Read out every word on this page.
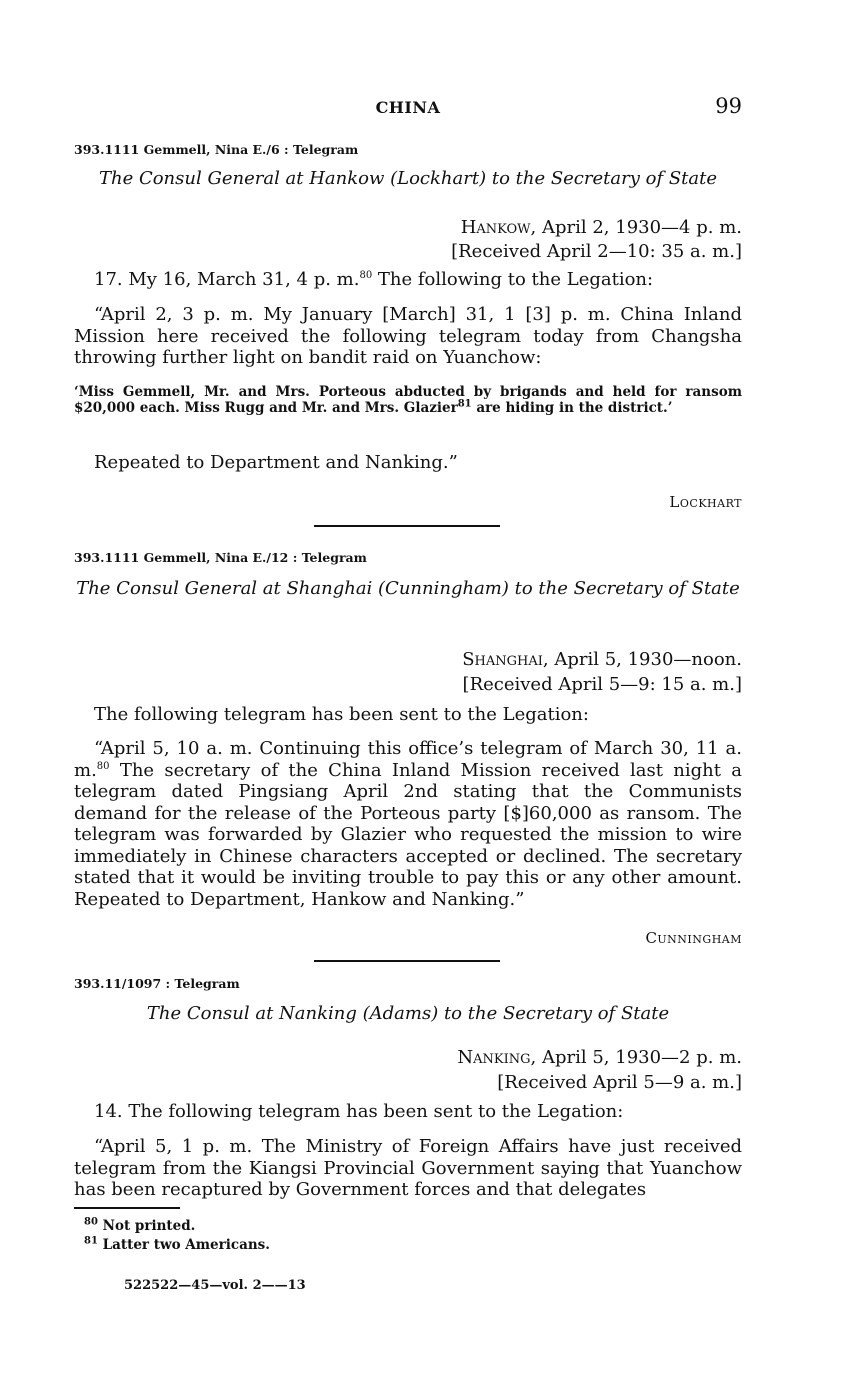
CHINA	99
393.1111 Gemmell, Nina E./6 : Telegram
The Consul General at Hankow (Lockhart) to the Secretary of State
Hankow, April 2, 1930—4 p. m.
[Received April 2—10: 35 a. m.]
17. My 16, March 31, 4 p. m.$^{80}$ The following to the Legation:
“April 2, 3 p. m. My January [March] 31, 1 [3] p. m. China Inland Mission here received the following telegram today from Changsha throwing further light on bandit raid on Yuanchow:
‘Miss Gemmell, Mr. and Mrs. Porteous abducted by brigands and held for ransom $20,000 each. Miss Rugg and Mr. and Mrs. Glazier$^{81}$ are hiding in the district.’
Repeated to Department and Nanking.”
Lockhart
393.1111 Gemmell, Nina E./12 : Telegram
The Consul General at Shanghai (Cunningham) to the Secretary of State
Shanghai, April 5, 1930—noon.
[Received April 5—9: 15 a. m.]
The following telegram has been sent to the Legation:
“April 5, 10 a. m. Continuing this office’s telegram of March 30, 11 a. m.$^{80}$ The secretary of the China Inland Mission received last night a telegram dated Pingsiang April 2nd stating that the Communists demand for the release of the Porteous party [$]60,000 as ransom. The telegram was forwarded by Glazier who requested the mission to wire immediately in Chinese characters accepted or declined. The secretary stated that it would be inviting trouble to pay this or any other amount. Repeated to Department, Hankow and Nanking.”
Cunningham
393.11/1097 : Telegram
The Consul at Nanking (Adams) to the Secretary of State
Nanking, April 5, 1930—2 p. m.
[Received April 5—9 a. m.]
14. The following telegram has been sent to the Legation:
“April 5, 1 p. m. The Ministry of Foreign Affairs have just received telegram from the Kiangsi Provincial Government saying that Yuanchow has been recaptured by Government forces and that delegates
$^{80}$ Not printed.
$^{81}$ Latter two Americans.
522522—45—vol. 2——13
